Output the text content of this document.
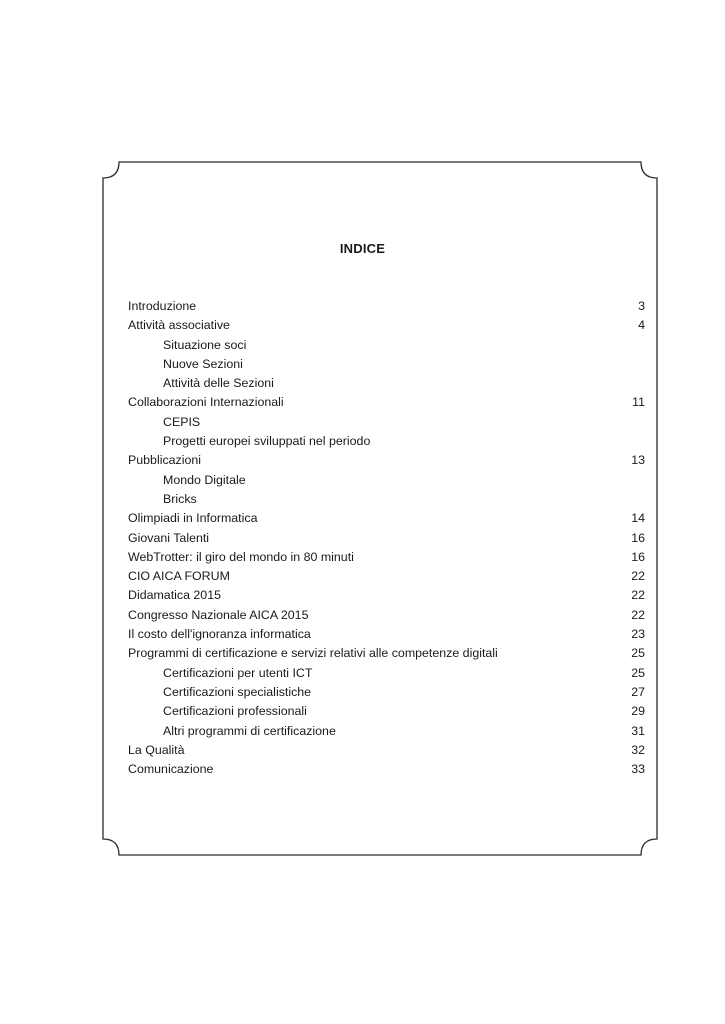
INDICE
Introduzione	3
Attività associative	4
Situazione soci
Nuove Sezioni
Attività delle Sezioni
Collaborazioni Internazionali	11
CEPIS
Progetti europei sviluppati nel periodo
Pubblicazioni	13
Mondo Digitale
Bricks
Olimpiadi in Informatica	14
Giovani Talenti	16
WebTrotter: il giro del mondo in 80 minuti	16
CIO AICA FORUM	22
Didamatica 2015	22
Congresso Nazionale AICA 2015	22
Il costo dell'ignoranza informatica	23
Programmi di certificazione e servizi relativi alle competenze digitali	25
Certificazioni per utenti ICT	25
Certificazioni specialistiche	27
Certificazioni professionali	29
Altri programmi di certificazione	31
La Qualità	32
Comunicazione	33
